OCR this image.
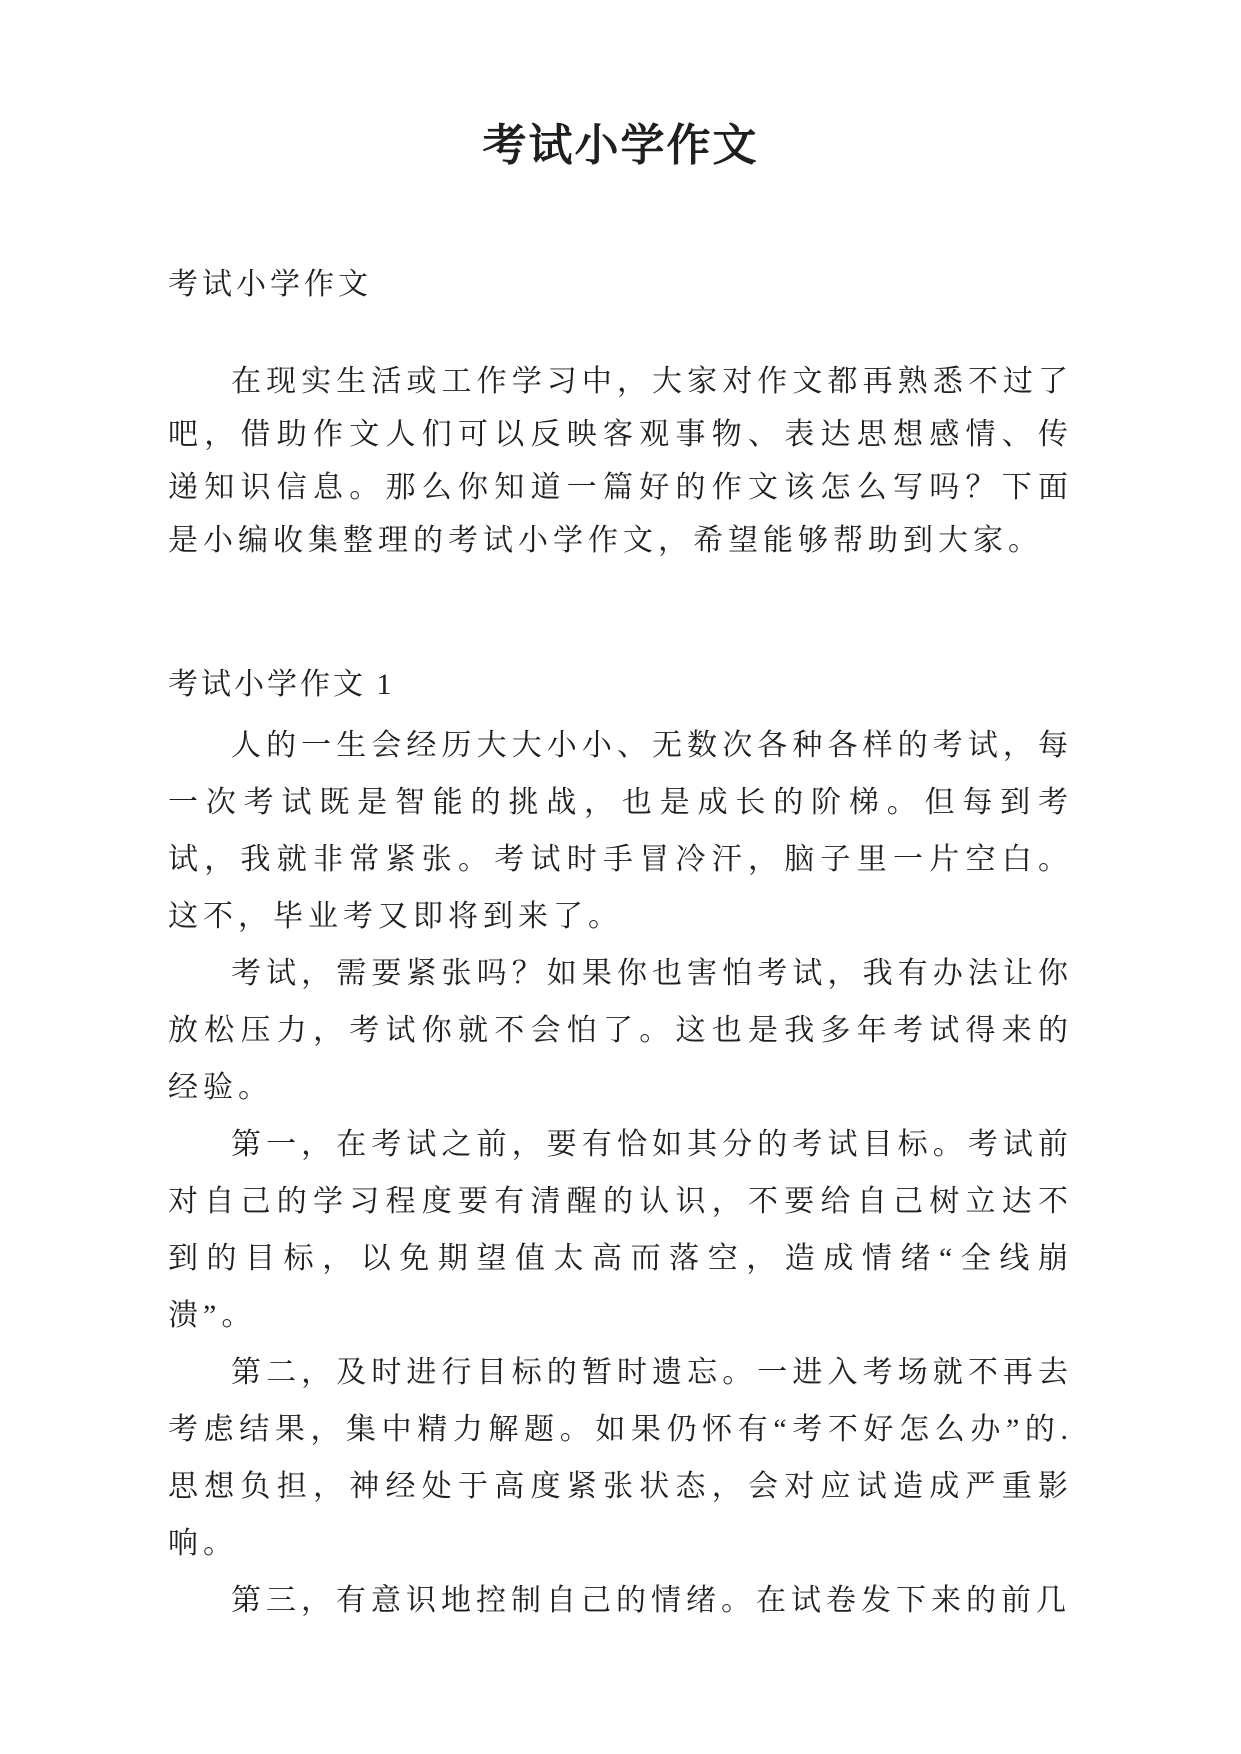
考试小学作文

考试小学作文

在现实生活或工作学习中，大家对作文都再熟悉不过了吧，借助作文人们可以反映客观事物、表达思想感情、传递知识信息。那么你知道一篇好的作文该怎么写吗？下面是小编收集整理的考试小学作文，希望能够帮助到大家。

考试小学作文 1

人的一生会经历大大小小、无数次各种各样的考试，每一次考试既是智能的挑战，也是成长的阶梯。但每到考试，我就非常紧张。考试时手冒冷汗，脑子里一片空白。这不，毕业考又即将到来了。

考试，需要紧张吗？如果你也害怕考试，我有办法让你放松压力，考试你就不会怕了。这也是我多年考试得来的经验。

第一，在考试之前，要有恰如其分的考试目标。考试前对自己的学习程度要有清醒的认识，不要给自己树立达不到的目标，以免期望值太高而落空，造成情绪“全线崩溃”。

第二，及时进行目标的暂时遗忘。一进入考场就不再去考虑结果，集中精力解题。如果仍怀有“考不好怎么办”的.思想负担，神经处于高度紧张状态，会对应试造成严重影响。

第三，有意识地控制自己的情绪。在试卷发下来的前几
